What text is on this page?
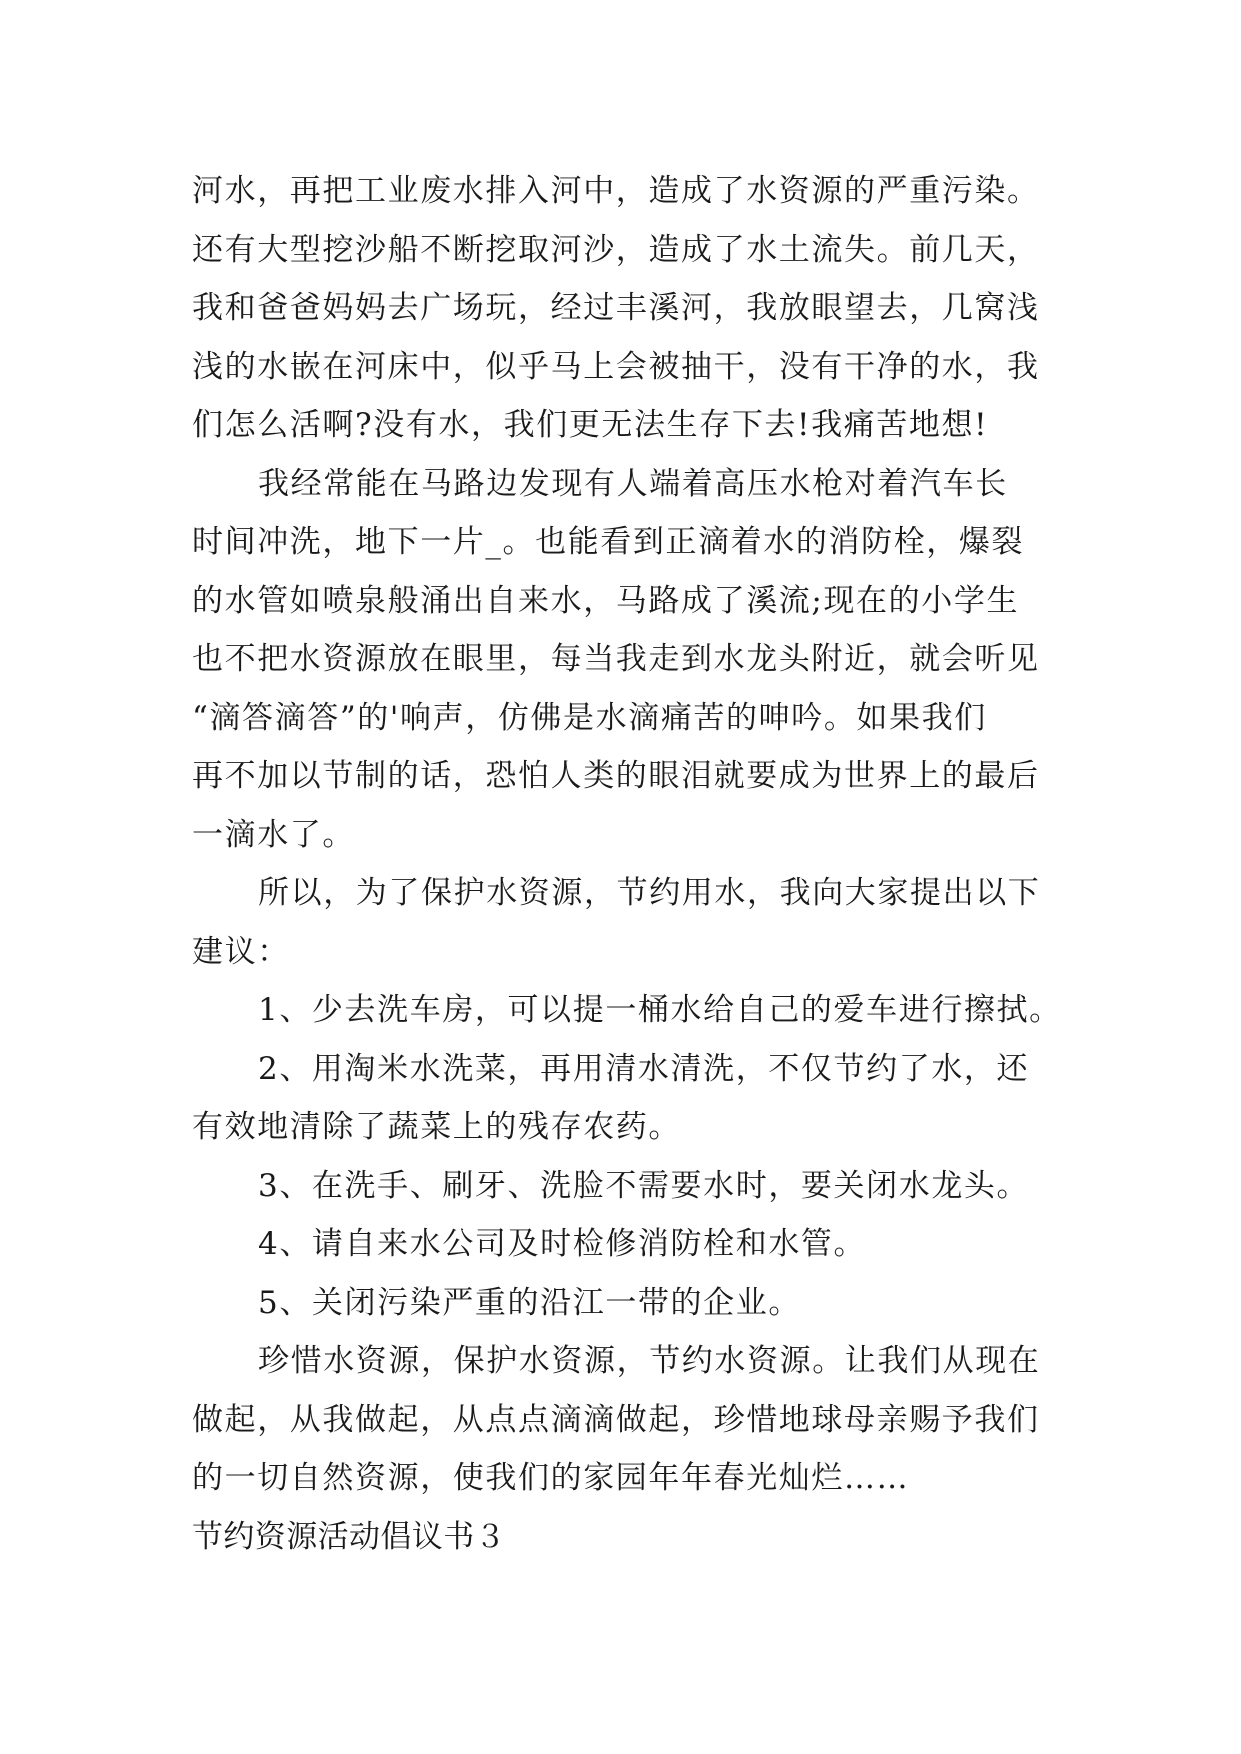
河水，再把工业废水排入河中，造成了水资源的严重污染。
还有大型挖沙船不断挖取河沙，造成了水土流失。前几天，
我和爸爸妈妈去广场玩，经过丰溪河，我放眼望去，几窝浅
浅的水嵌在河床中，似乎马上会被抽干，没有干净的水，我
们怎么活啊?没有水，我们更无法生存下去!我痛苦地想!
我经常能在马路边发现有人端着高压水枪对着汽车长
时间冲洗，地下一片_。也能看到正滴着水的消防栓，爆裂
的水管如喷泉般涌出自来水，马路成了溪流;现在的小学生
也不把水资源放在眼里，每当我走到水龙头附近，就会听见
“滴答滴答”的'响声，仿佛是水滴痛苦的呻吟。如果我们
再不加以节制的话，恐怕人类的眼泪就要成为世界上的最后
一滴水了。
所以，为了保护水资源，节约用水，我向大家提出以下
建议：
1、少去洗车房，可以提一桶水给自己的爱车进行擦拭。
2、用淘米水洗菜，再用清水清洗，不仅节约了水，还
有效地清除了蔬菜上的残存农药。
3、在洗手、刷牙、洗脸不需要水时，要关闭水龙头。
4、请自来水公司及时检修消防栓和水管。
5、关闭污染严重的沿江一带的企业。
珍惜水资源，保护水资源，节约水资源。让我们从现在
做起，从我做起，从点点滴滴做起，珍惜地球母亲赐予我们
的一切自然资源，使我们的家园年年春光灿烂……
节约资源活动倡议书３
